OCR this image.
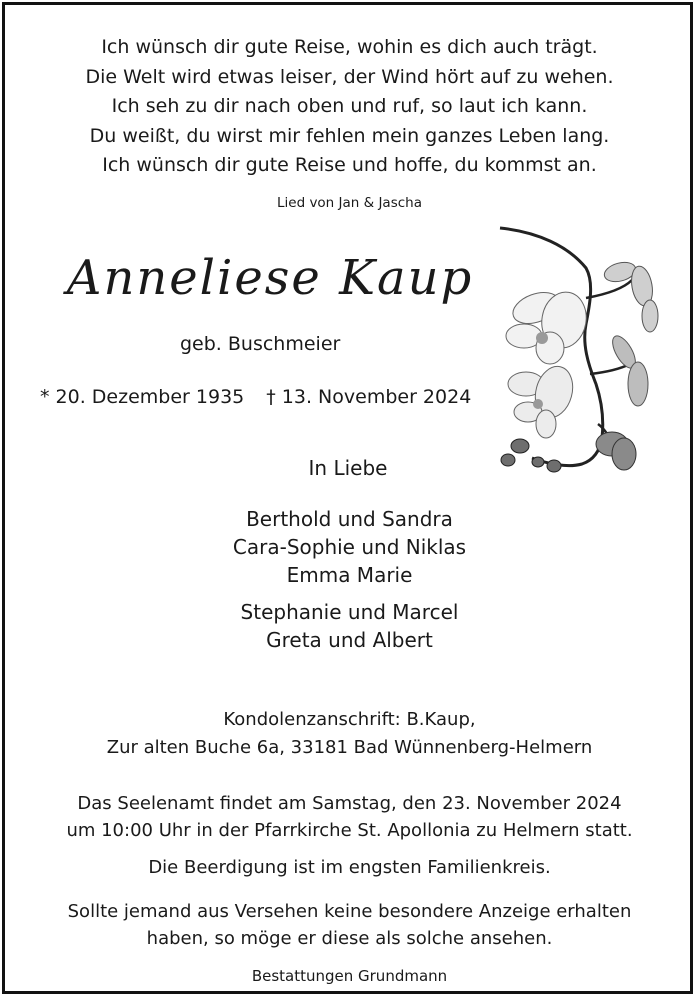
Ich wünsch dir gute Reise, wohin es dich auch trägt.
Die Welt wird etwas leiser, der Wind hört auf zu wehen.
Ich seh zu dir nach oben und ruf, so laut ich kann.
Du weißt, du wirst mir fehlen mein ganzes Leben lang.
Ich wünsch dir gute Reise und hoffe, du kommst an.
Lied von Jan & Jascha
Anneliese Kaup
geb. Buschmeier
* 20. Dezember 1935 † 13. November 2024
In Liebe
Berthold und Sandra
Cara-Sophie und Niklas
Emma Marie
Stephanie und Marcel
Greta und Albert
Kondolenzanschrift: B.Kaup,
Zur alten Buche 6a, 33181 Bad Wünnenberg-Helmern
Das Seelenamt findet am Samstag, den 23. November 2024
um 10:00 Uhr in der Pfarrkirche St. Apollonia zu Helmern statt.
Die Beerdigung ist im engsten Familienkreis.
Sollte jemand aus Versehen keine besondere Anzeige erhalten
haben, so möge er diese als solche ansehen.
Bestattungen Grundmann
